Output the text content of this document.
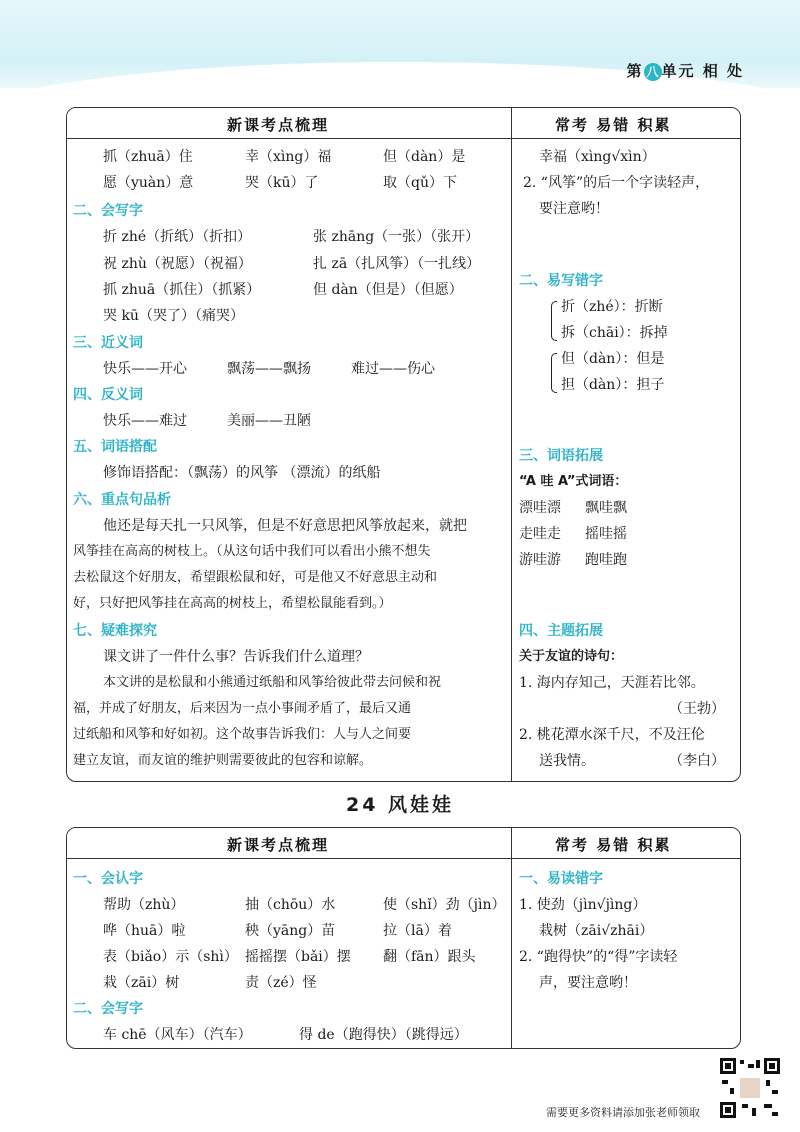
第 八 单元 相 处
新课考点梳理	常考 易错 积累
抓（zhuā）住	幸（xìng）福	但（dàn）是
愿（yuàn）意	哭（kū）了	取（qǔ）下
二、会写字
折 zhé（折纸）（折扣）	张 zhāng（一张）（张开）
祝 zhù（祝愿）（祝福）	扎 zā（扎风筝）（一扎线）
抓 zhuā（抓住）（抓紧）	但 dàn（但是）（但愿）
哭 kū（哭了）（痛哭）
三、近义词
快乐——开心	飘荡——飘扬	难过——伤心
四、反义词
快乐——难过	美丽——丑陋
五、词语搭配
修饰语搭配：（飘荡）的风筝 （漂流）的纸船
六、重点句品析
他还是每天扎一只风筝，但是不好意思把风筝放起来，就把
风筝挂在高高的树枝上。（从这句话中我们可以看出小熊不想失
去松鼠这个好朋友，希望跟松鼠和好，可是他又不好意思主动和
好，只好把风筝挂在高高的树枝上，希望松鼠能看到。）
七、疑难探究
课文讲了一件什么事？告诉我们什么道理？
本文讲的是松鼠和小熊通过纸船和风筝给彼此带去问候和祝
福，并成了好朋友，后来因为一点小事闹矛盾了，最后又通
过纸船和风筝和好如初。这个故事告诉我们：人与人之间要
建立友谊，而友谊的维护则需要彼此的包容和谅解。
幸福（xìng√xìn）
2. “风筝”的后一个字读轻声，
要注意哟！
二、易写错字
折（zhé）：折断
拆（chāi）：拆掉
但（dàn）：但是
担（dàn）：担子
三、词语拓展
“A 哇 A”式词语：
漂哇漂 飘哇飘
走哇走 摇哇摇
游哇游 跑哇跑
四、主题拓展
关于友谊的诗句：
1. 海内存知己，天涯若比邻。
（王勃）
2. 桃花潭水深千尺，不及汪伦
送我情。	（李白）
24 风娃娃
新课考点梳理	常考 易错 积累
一、会认字
帮助（zhù）	抽（chōu）水	使（shǐ）劲（jìn）
哗（huā）啦	秧（yāng）苗	拉（lā）着
表（biǎo）示（shì） 摇摇摆（bǎi）摆 翻（fān）跟头
栽（zāi）树	责（zé）怪
二、会写字
车 chē（风车）（汽车）	得 de（跑得快）（跳得远）
一、易读错字
1. 使劲（jìn√jìng）
栽树（zāi√zhāi）
2. “跑得快”的“得”字读轻
声，要注意哟！
需要更多资料请添加张老师领取
